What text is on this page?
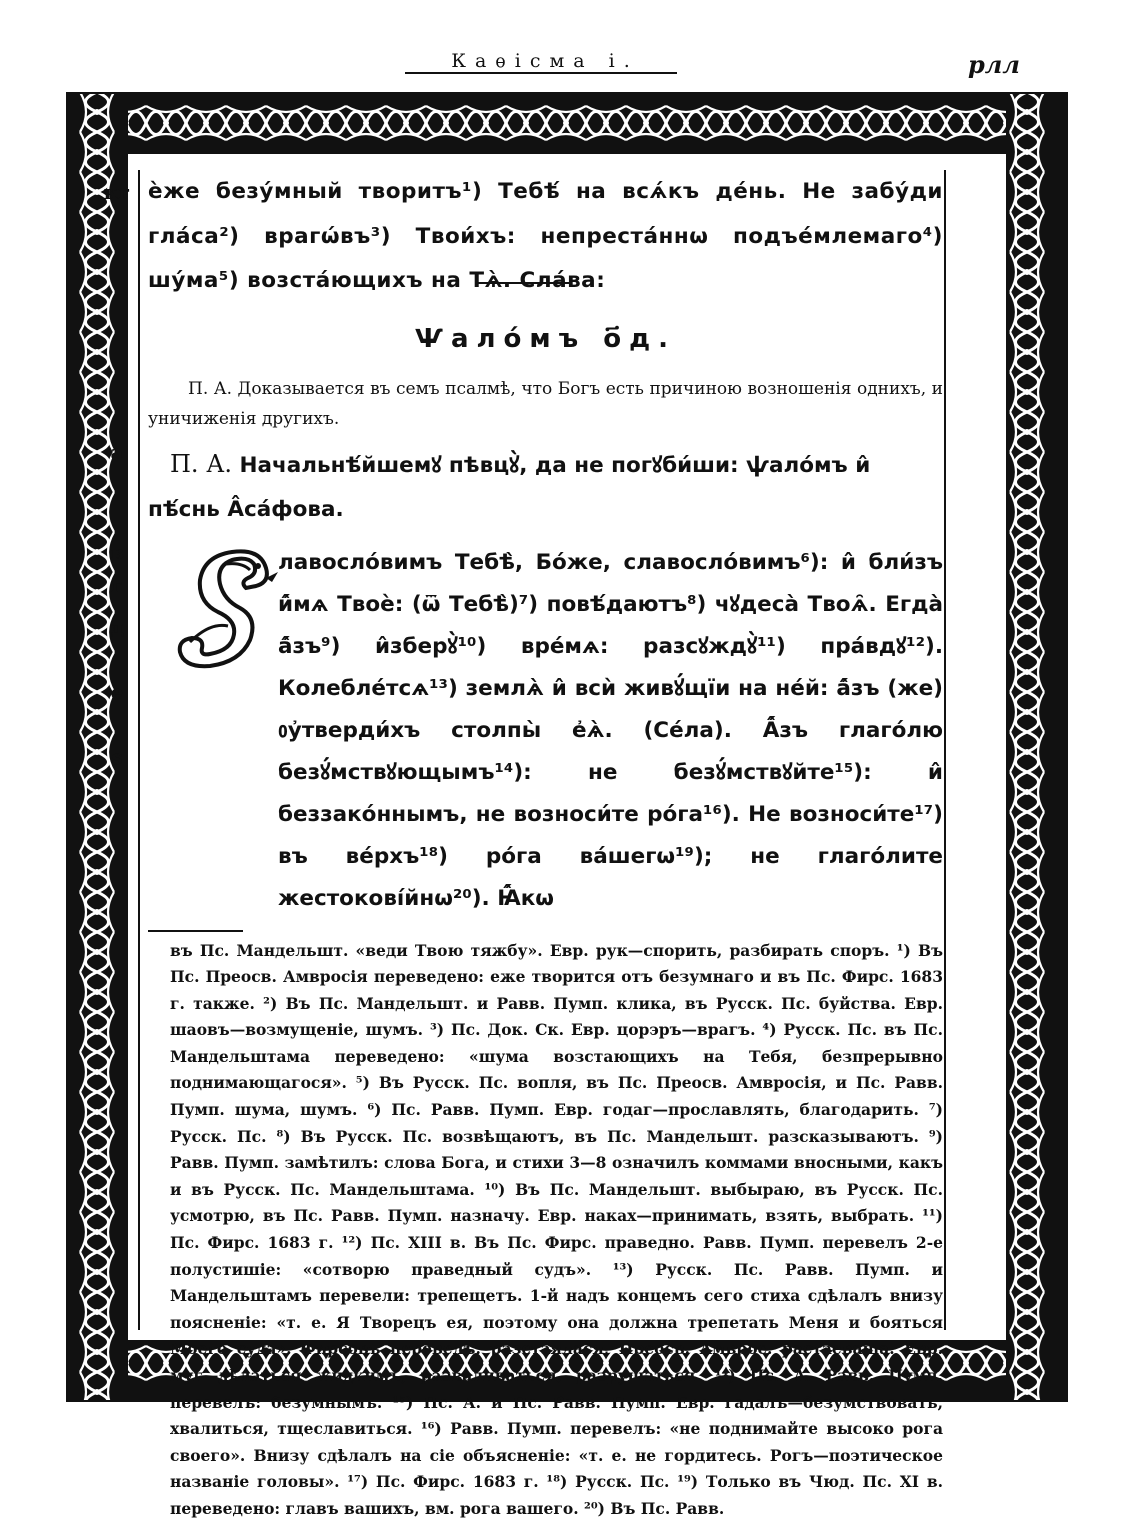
Каѳісма і.	рлл
кг
а
в
г
д
е
ѕ

ѐже безу́мный творитъ¹) Тебѣ́ на всѧ́къ де́нь. Не забу́ди гла́са²) врагѡ́въ³) Твои́хъ: непреста́ннѡ подъе́млемаго⁴) шу́ма⁵) возста́ющихъ на Тѧ̀. Сла́ва:

Ѱало́мъ о҃д.

П. А. Доказывается въ семъ псалмѣ, что Богъ есть причиною возношенія однихъ, и уничиженія другихъ.

П. А. Начальнѣ́йшемꙋ пѣвцꙋ̀, да не погꙋби́ши: ѱало́мъ и̂ пѣ́снь А̂са́фова.

лавосло́вимъ Тебѣ̀, Бо́же, славосло́вимъ⁶): и̂ бли́зъ и̂́мѧ Твоѐ: (ѿ Тебѣ̀)⁷) повѣ́даютъ⁸) чꙋдеса̀ Твоѧ̑. Егда̀ а̂́зъ⁹) и̂зберꙋ̀¹⁰) вре́мѧ: разсꙋждꙋ̀¹¹) пра́вдꙋ¹²). Колебле́тсѧ¹³) землѧ̀ и̂ всѝ живꙋ́щїи на не́й: а̂́зъ (же) ᲂу҆тверди́хъ столпы̀ е҆ѧ̀. (Се́ла). А̂́зъ глаго́лю безꙋ́мствꙋющымъ¹⁴): не безꙋ́мствꙋйте¹⁵): и̂ беззако́ннымъ, не возноси́те ро́га¹⁶). Не возноси́те¹⁷) въ ве́рхъ¹⁸) ро́га ва́шегѡ¹⁹); не глаго́лите жестокові́йнѡ²⁰). Ꙗ̂́кѡ

въ Пс. Мандельшт. «веди Твою тяжбу». Евр. рук—спорить, разбирать споръ. ¹) Въ Пс. Преосв. Амвросія переведено: еже творится отъ безумнаго и въ Пс. Фирс. 1683 г. также. ²) Въ Пс. Мандельшт. и Равв. Пумп. клика, въ Русск. Пс. буйства. Евр. шаовъ—возмущеніе, шумъ. ³) Пс. Док. Ск. Евр. цорэръ—врагъ. ⁴) Русск. Пс. въ Пс. Мандельштама переведено: «шума возстающихъ на Тебя, безпрерывно поднимающагося». ⁵) Въ Русск. Пс. вопля, въ Пс. Преосв. Амвросія, и Пс. Равв. Пумп. шума, шумъ. ⁶) Пс. Равв. Пумп. Евр. годаг—прославлять, благодарить. ⁷) Русск. Пс. ⁸) Въ Русск. Пс. возвѣщаютъ, въ Пс. Мандельшт. разсказываютъ. ⁹) Равв. Пумп. замѣтилъ: слова Бога, и стихи 3—8 означилъ коммами вносными, какъ и въ Русск. Пс. Мандельштама. ¹⁰) Въ Пс. Мандельшт. выбыраю, въ Русск. Пс. усмотрю, въ Пс. Равв. Пумп. назначу. Евр. наках—принимать, взять, выбрать. ¹¹) Пс. Фирс. 1683 г. ¹²) Пс. XIII в. Въ Пс. Фирс. праведно. Равв. Пумп. перевелъ 2-е полустишіе: «сотворю праведный судъ». ¹³) Русск. Пс. Равв. Пумп. и Мандельштамъ перевели: трепещетъ. 1-й надъ концемъ сего стиха сдѣлалъ внизу поясненіе: «т. е. Я Творецъ ея, поэтому она должна трепетать Меня и бояться Моего суда». Фирсовъ перевелъ: разстаялася, Преосв. Амврос. растаеваша. Евр. муг—дѣлаться жидкимъ, разваливаться, разрушаться. ¹⁴) Пс. А. Равв. Пумп. перевелъ: безумнымъ. ¹⁵) Пс. А. и Пс. Равв. Пумп. Евр. гадалъ—безумствовать, хвалиться, тщеславиться. ¹⁶) Равв. Пумп. перевелъ: «не поднимайте высоко рога своего». Внизу сдѣлалъ на сіе объясненіе: «т. е. не гордитесь. Рогъ—поэтическое названіе головы». ¹⁷) Пс. Фирс. 1683 г. ¹⁸) Русск. Пс. ¹⁹) Только въ Чюд. Пс. XI в. переведено: главъ вашихъ, вм. рога вашего. ²⁰) Въ Пс. Равв.
